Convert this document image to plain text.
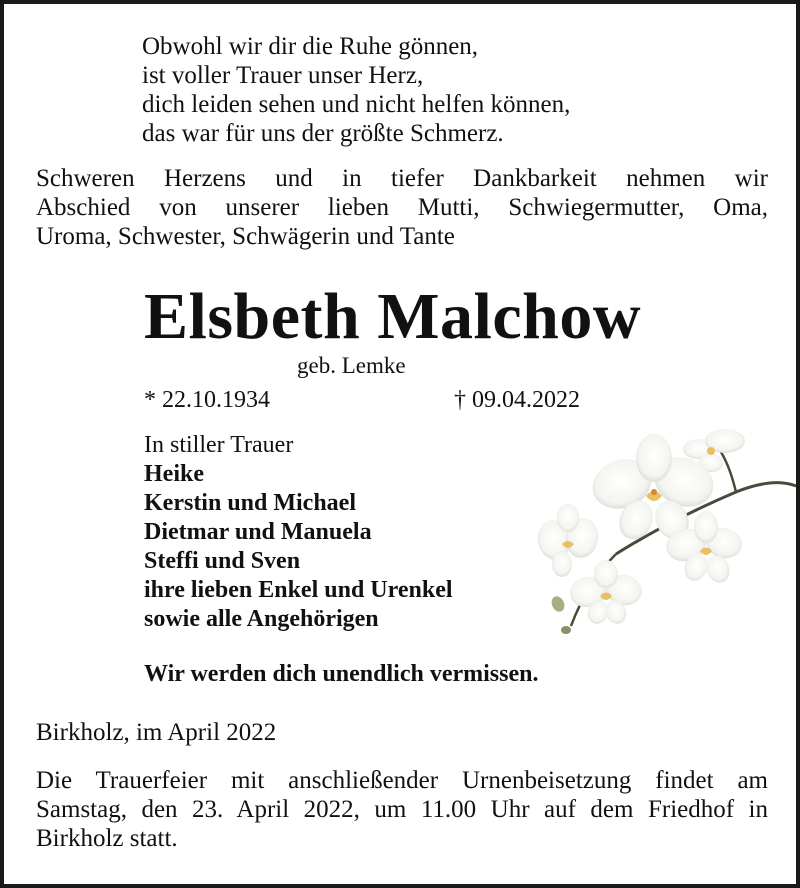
Obwohl wir dir die Ruhe gönnen,
ist voller Trauer unser Herz,
dich leiden sehen und nicht helfen können,
das war für uns der größte Schmerz.
Schweren Herzens und in tiefer Dankbarkeit nehmen wir
Abschied von unserer lieben Mutti, Schwiegermutter, Oma,
Uroma, Schwester, Schwägerin und Tante
Elsbeth Malchow
geb. Lemke
* 22.10.1934	† 09.04.2022
In stiller Trauer
Heike
Kerstin und Michael
Dietmar und Manuela
Steffi und Sven
ihre lieben Enkel und Urenkel
sowie alle Angehörigen
Wir werden dich unendlich vermissen.
Birkholz, im April 2022
Die Trauerfeier mit anschließender Urnenbeisetzung findet am
Samstag, den 23. April 2022, um 11.00 Uhr auf dem Friedhof in
Birkholz statt.
